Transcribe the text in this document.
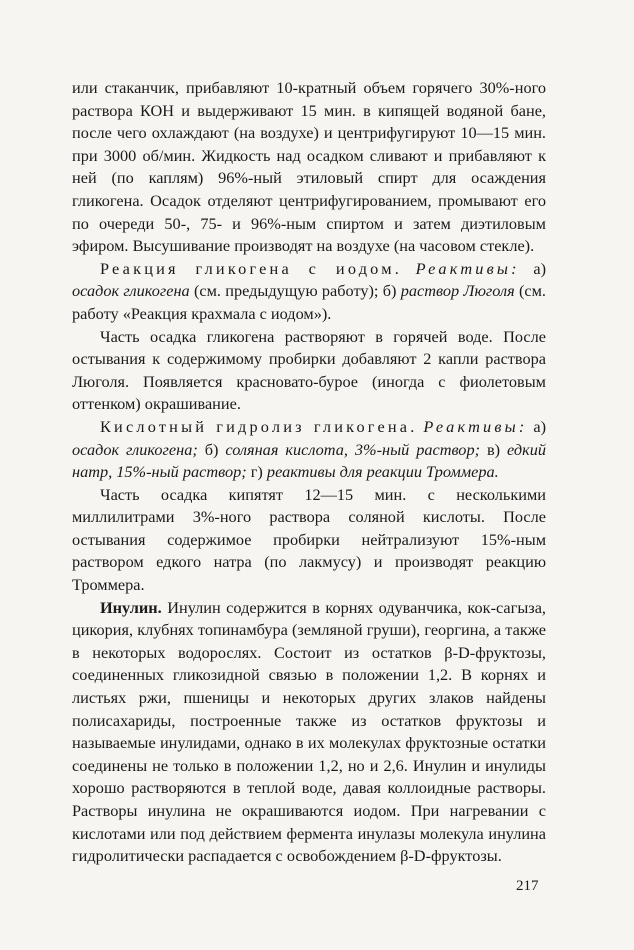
или стаканчик, прибавляют 10-кратный объем горячего 30%-ного раствора КОН и выдерживают 15 мин. в кипящей водяной бане, после чего охлаждают (на воздухе) и центрифугируют 10—15 мин. при 3000 об/мин. Жидкость над осадком сливают и прибавляют к ней (по каплям) 96%-ный этиловый спирт для осаждения гликогена. Осадок отделяют центрифугированием, промывают его по очереди 50-, 75- и 96%-ным спиртом и затем диэтиловым эфиром. Высушивание производят на воздухе (на часовом стекле).

Реакция гликогена с иодом. Реактивы: а) осадок гликогена (см. предыдущую работу); б) раствор Люголя (см. работу «Реакция крахмала с иодом»).

Часть осадка гликогена растворяют в горячей воде. После остывания к содержимому пробирки добавляют 2 капли раствора Люголя. Появляется красновато-бурое (иногда с фиолетовым оттенком) окрашивание.

Кислотный гидролиз гликогена. Реактивы: а) осадок гликогена; б) соляная кислота, 3%-ный раствор; в) едкий натр, 15%-ный раствор; г) реактивы для реакции Троммера.

Часть осадка кипятят 12—15 мин. с несколькими миллилитрами 3%-ного раствора соляной кислоты. После остывания содержимое пробирки нейтрализуют 15%-ным раствором едкого натра (по лакмусу) и производят реакцию Троммера.

Инулин. Инулин содержится в корнях одуванчика, кок-сагыза, цикория, клубнях топинамбура (земляной груши), георгина, а также в некоторых водорослях. Состоит из остатков β-D-фруктозы, соединенных гликозидной связью в положении 1,2. В корнях и листьях ржи, пшеницы и некоторых других злаков найдены полисахариды, построенные также из остатков фруктозы и называемые инулидами, однако в их молекулах фруктозные остатки соединены не только в положении 1,2, но и 2,6. Инулин и инулиды хорошо растворяются в теплой воде, давая коллоидные растворы. Растворы инулина не окрашиваются иодом. При нагревании с кислотами или под действием фермента инулазы молекула инулина гидролитически распадается с освобождением β-D-фруктозы.

217
